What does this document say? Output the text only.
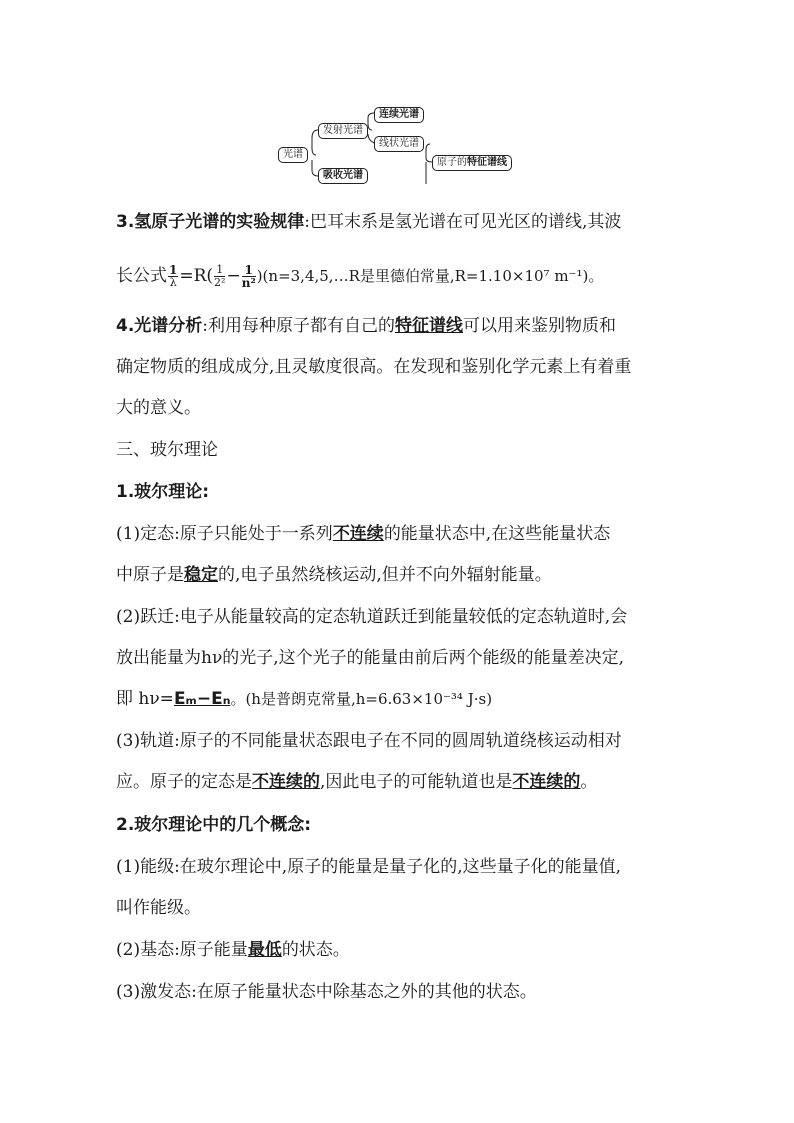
光谱
发射光谱
连续光谱
线状光谱
吸收光谱
原子的特征谱线
3.氢原子光谱的实验规律:巴耳末系是氢光谱在可见光区的谱线,其波
长公式 $\frac{1}{\lambda} =R( \frac{1}{\text{2²}} - \frac{1}{\text{n²}}$ )(n=3,4,5,…R是里德伯常量,R=1.10×10⁷ m⁻¹)。
4.光谱分析:利用每种原子都有自己的特征谱线可以用来鉴别物质和
确定物质的组成成分,且灵敏度很高。在发现和鉴别化学元素上有着重
大的意义。
三、玻尔理论
1.玻尔理论:
(1)定态:原子只能处于一系列不连续的能量状态中,在这些能量状态
中原子是稳定的,电子虽然绕核运动,但并不向外辐射能量。
(2)跃迁:电子从能量较高的定态轨道跃迁到能量较低的定态轨道时,会
放出能量为hν的光子,这个光子的能量由前后两个能级的能量差决定,
即 hν=Eₘ−Eₙ。(h是普朗克常量,h=6.63×10⁻³⁴ J·s)
(3)轨道:原子的不同能量状态跟电子在不同的圆周轨道绕核运动相对
应。原子的定态是不连续的,因此电子的可能轨道也是不连续的。
2.玻尔理论中的几个概念:
(1)能级:在玻尔理论中,原子的能量是量子化的,这些量子化的能量值,
叫作能级。
(2)基态:原子能量最低的状态。
(3)激发态:在原子能量状态中除基态之外的其他的状态。
